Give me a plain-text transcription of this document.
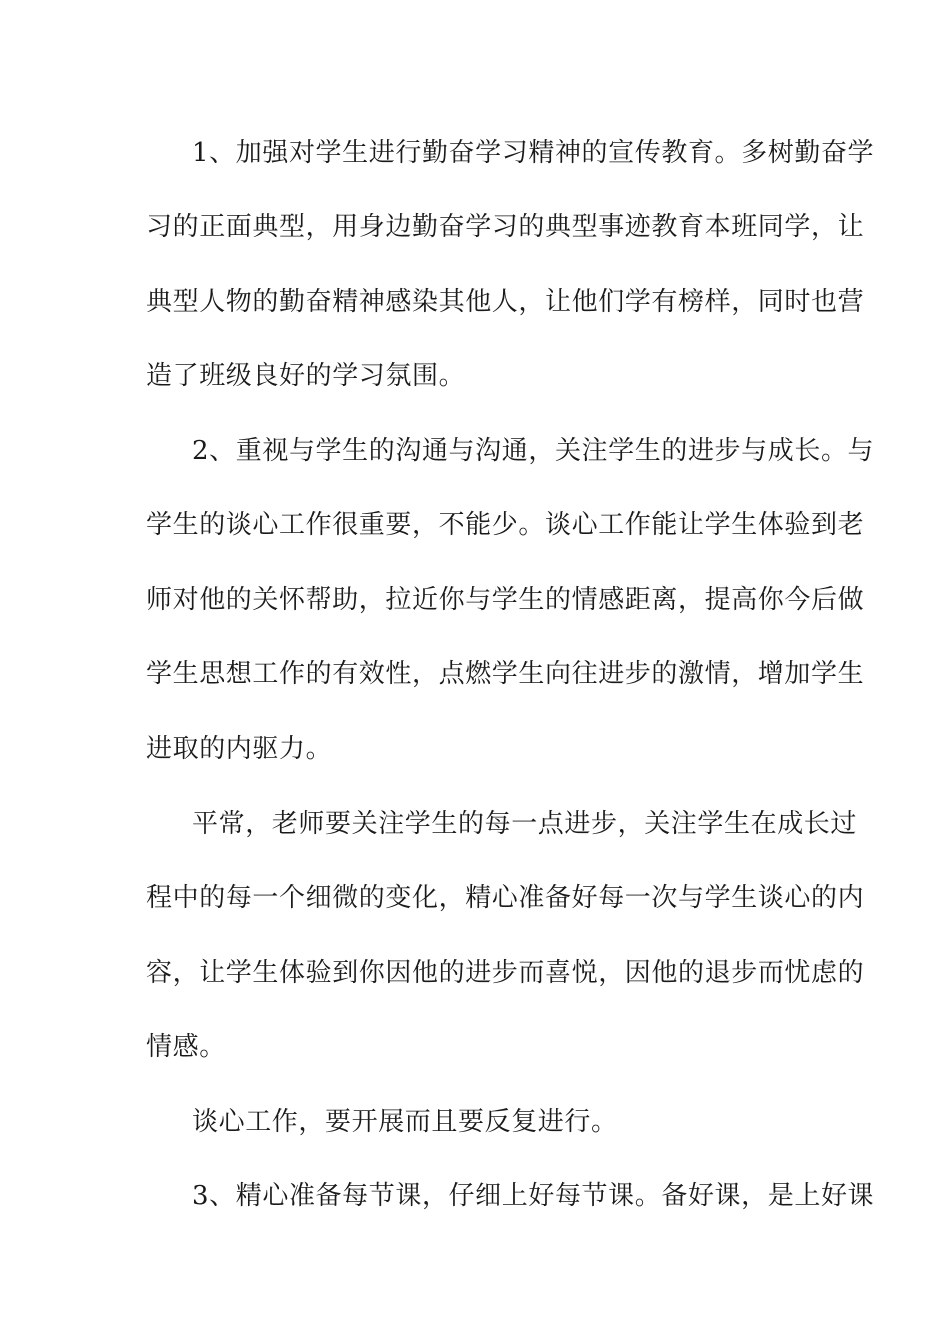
1、加强对学生进行勤奋学习精神的宣传教育。多树勤奋学

习的正面典型，用身边勤奋学习的典型事迹教育本班同学，让

典型人物的勤奋精神感染其他人，让他们学有榜样，同时也营

造了班级良好的学习氛围。

2、重视与学生的沟通与沟通，关注学生的进步与成长。与

学生的谈心工作很重要，不能少。谈心工作能让学生体验到老

师对他的关怀帮助，拉近你与学生的情感距离，提高你今后做

学生思想工作的有效性，点燃学生向往进步的激情，增加学生

进取的内驱力。

平常，老师要关注学生的每一点进步，关注学生在成长过

程中的每一个细微的变化，精心准备好每一次与学生谈心的内

容，让学生体验到你因他的进步而喜悦，因他的退步而忧虑的

情感。

谈心工作，要开展而且要反复进行。

3、精心准备每节课，仔细上好每节课。备好课，是上好课
